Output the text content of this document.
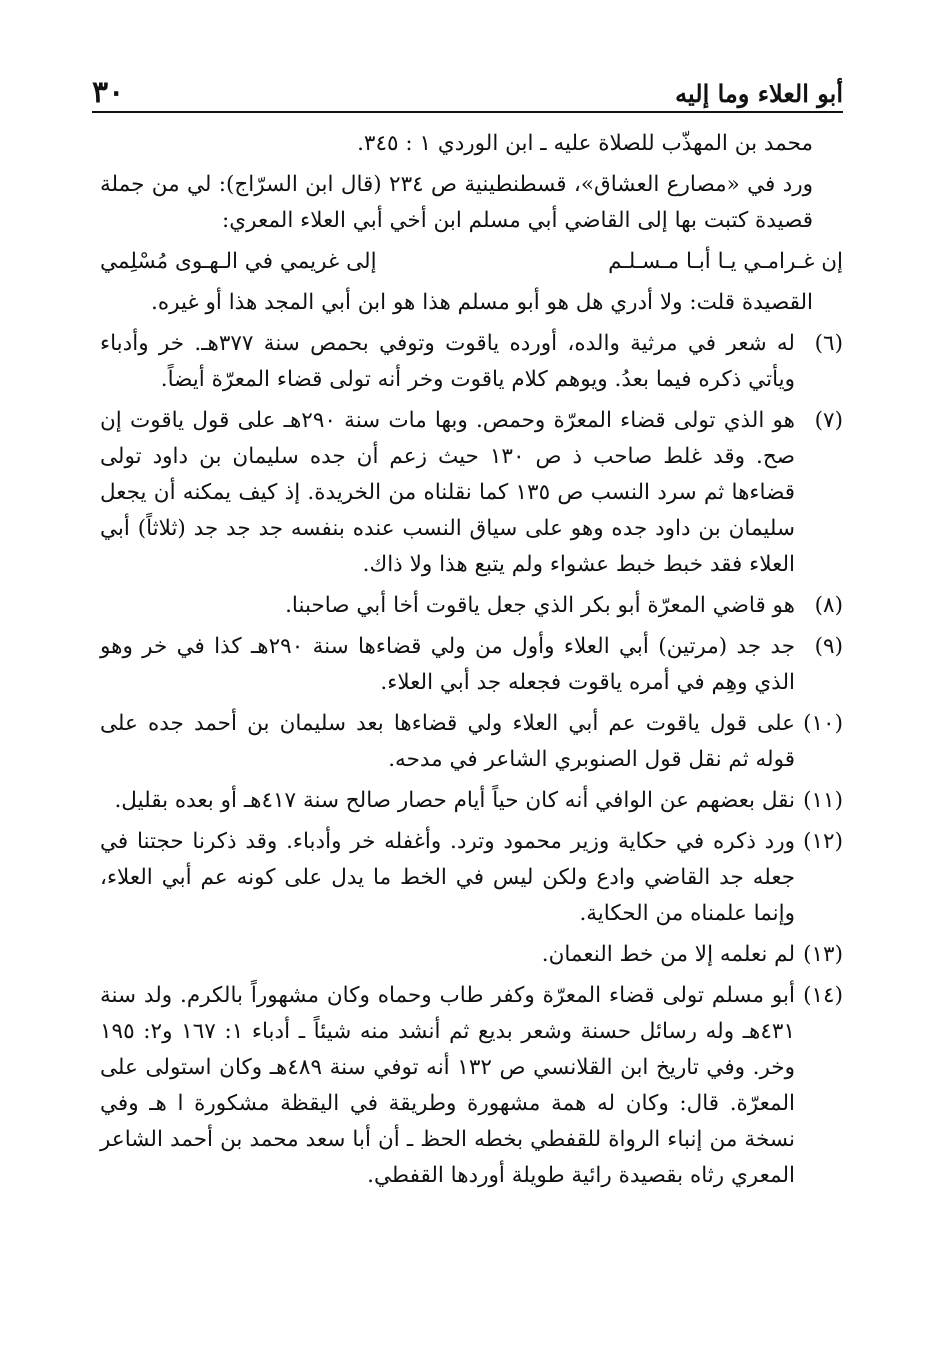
أبو العلاء وما إليه
٣٠

محمد بن المهذّب للصلاة عليه ـ ابن الوردي ١ : ٣٤٥.

ورد في «مصارع العشاق»، قسطنطينية ص ٢٣٤ (قال ابن السرّاج): لي من جملة قصيدة كتبت بها إلى القاضي أبي مسلم ابن أخي أبي العلاء المعري:

إن غـرامـي يـا أبـا مـسـلـم
إلى غريمي في الـهـوى مُسْلِمي

القصيدة قلت: ولا أدري هل هو أبو مسلم هذا هو ابن أبي المجد هذا أو غيره.

(٦)
له شعر في مرثية والده، أورده ياقوت وتوفي بحمص سنة ٣٧٧هـ. خر وأدباء ويأتي ذكره فيما بعدُ. ويوهم كلام ياقوت وخر أنه تولى قضاء المعرّة أيضاً.
(٧)
هو الذي تولى قضاء المعرّة وحمص. وبها مات سنة ٢٩٠هـ على قول ياقوت إن صح. وقد غلط صاحب ذ ص ١٣٠ حيث زعم أن جده سليمان بن داود تولى قضاءها ثم سرد النسب ص ١٣٥ كما نقلناه من الخريدة. إذ كيف يمكنه أن يجعل سليمان بن داود جده وهو على سياق النسب عنده بنفسه جد جد جد (ثلاثاً) أبي العلاء فقد خبط خبط عشواء ولم يتبع هذا ولا ذاك.
(٨)
هو قاضي المعرّة أبو بكر الذي جعل ياقوت أخا أبي صاحبنا.
(٩)
جد جد (مرتين) أبي العلاء وأول من ولي قضاءها سنة ٢٩٠هـ كذا في خر وهو الذي وهِم في أمره ياقوت فجعله جد أبي العلاء.
(١٠)
على قول ياقوت عم أبي العلاء ولي قضاءها بعد سليمان بن أحمد جده على قوله ثم نقل قول الصنوبري الشاعر في مدحه.
(١١)
نقل بعضهم عن الوافي أنه كان حياً أيام حصار صالح سنة ٤١٧هـ أو بعده بقليل.
(١٢)
ورد ذكره في حكاية وزير محمود وترد. وأغفله خر وأدباء. وقد ذكرنا حجتنا في جعله جد القاضي وادع ولكن ليس في الخط ما يدل على كونه عم أبي العلاء، وإنما علمناه من الحكاية.
(١٣)
لم نعلمه إلا من خط النعمان.
(١٤)
أبو مسلم تولى قضاء المعرّة وكفر طاب وحماه وكان مشهوراً بالكرم. ولد سنة ٤٣١هـ وله رسائل حسنة وشعر بديع ثم أنشد منه شيئاً ـ أدباء ١: ١٦٧ و٢: ١٩٥ وخر. وفي تاريخ ابن القلانسي ص ١٣٢ أنه توفي سنة ٤٨٩هـ وكان استولى على المعرّة. قال: وكان له همة مشهورة وطريقة في اليقظة مشكورة ا هـ وفي نسخة من إنباء الرواة للقفطي بخطه الحظ ـ أن أبا سعد محمد بن أحمد الشاعر المعري رثاه بقصيدة رائية طويلة أوردها القفطي.
